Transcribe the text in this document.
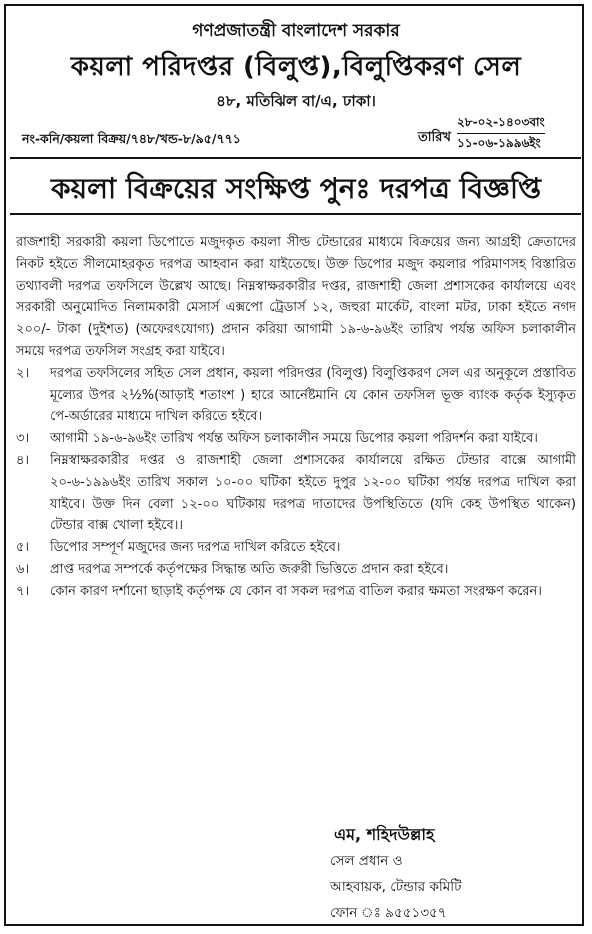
গণপ্রজাতন্ত্রী বাংলাদেশ সরকার
কয়লা পরিদপ্তর (বিলুপ্ত),বিলুপ্তিকরণ সেল
৪৮, মতিঝিল বা/এ, ঢাকা।
নং-কনি/কয়লা বিক্রয়/৭৪৮/খন্ড-৮/৯৫/৭৭১	তারিখ
২৮-০২-১৪০৩বাং
১১-০৬-১৯৯৬ইং
কয়লা বিক্রয়ের সংক্ষিপ্ত পুনঃ দরপত্র বিজ্ঞপ্তি
রাজশাহী সরকারী কয়লা ডিপোতে মজুদকৃত কয়লা সীল্ড টেন্ডারের মাধ্যমে বিক্রয়ের জন্য আগ্রহী ক্রেতাদের নিকট হইতে সীলমোহরকৃত দরপত্র আহবান করা যাইতেছে। উক্ত ডিপোর মজুদ কয়লার পরিমাণসহ বিস্তারিত তথ্যাবলী দরপত্র তফসিলে উল্লেখ আছে। নিম্নস্বাক্ষরকারীর দপ্তর, রাজশাহী জেলা প্রশাসকের কার্যালয়ে এবং সরকারী অনুমোদিত নিলামকারী মেসার্স এক্সপো ট্রেডার্স ১২, জহুরা মার্কেট, বাংলা মটর, ঢাকা হইতে নগদ ২০০/- টাকা (দুইশত) (অফেরৎযোগ্য) প্রদান করিয়া আগামী ১৯-৬-৯৬ইং তারিখ পর্যন্ত অফিস চলাকালীন সময়ে দরপত্র তফসিল সংগ্রহ করা যাইবে।
২। দরপত্র তফসিলের সহিত সেল প্রধান, কয়লা পরিদপ্তর (বিলুপ্ত) বিলুপ্তিকরণ সেল এর অনুকূলে প্রস্তাবিত মূল্যের উপর ২½%(আড়াই শতাংশ ) হারে আর্নেষ্টমানি যে কোন তফসিল ভূক্ত ব্যাংক কর্তৃক ইস্যুকৃত পে-অর্ডারের মাধ্যমে দাখিল করিতে হইবে।
৩। আগামী ১৯-৬-৯৬ইং তারিখ পর্যন্ত অফিস চলাকালীন সময়ে ডিপোর কয়লা পরিদর্শন করা যাইবে।
৪। নিম্নস্বাক্ষরকারীর দপ্তর ও রাজশাহী জেলা প্রশাসকের কার্যালয়ে রক্ষিত টেন্ডার বাক্সে আগামী ২০-৬-১৯৯৬ইং তারিখ সকাল ১০-০০ ঘটিকা হইতে দুপুর ১২-০০ ঘটিকা পর্যন্ত দরপত্র দাখিল করা যাইবে। উক্ত দিন বেলা ১২-০০ ঘটিকায় দরপত্র দাতাদের উপস্থিতিতে (যদি কেহ উপস্থিত থাকেন) টেন্ডার বাক্স খোলা হইবে।।
৫। ডিপোর সম্পূর্ণ মজুদের জন্য দরপত্র দাখিল করিতে হইবে।
৬। প্রাপ্ত দরপত্র সম্পর্কে কর্তৃপক্ষের সিদ্ধান্ত অতি জরুরী ভিত্তিতে প্রদান করা হইবে।
৭। কোন কারণ দর্শানো ছাড়াই কর্তৃপক্ষ যে কোন বা সকল দরপত্র বাতিল করার ক্ষমতা সংরক্ষণ করেন।
এম, শহিদউল্লাহ
সেল প্রধান ও
আহবায়ক, টেন্ডার কমিটি
ফোন ঃ ৯৫৫১৩৫৭
